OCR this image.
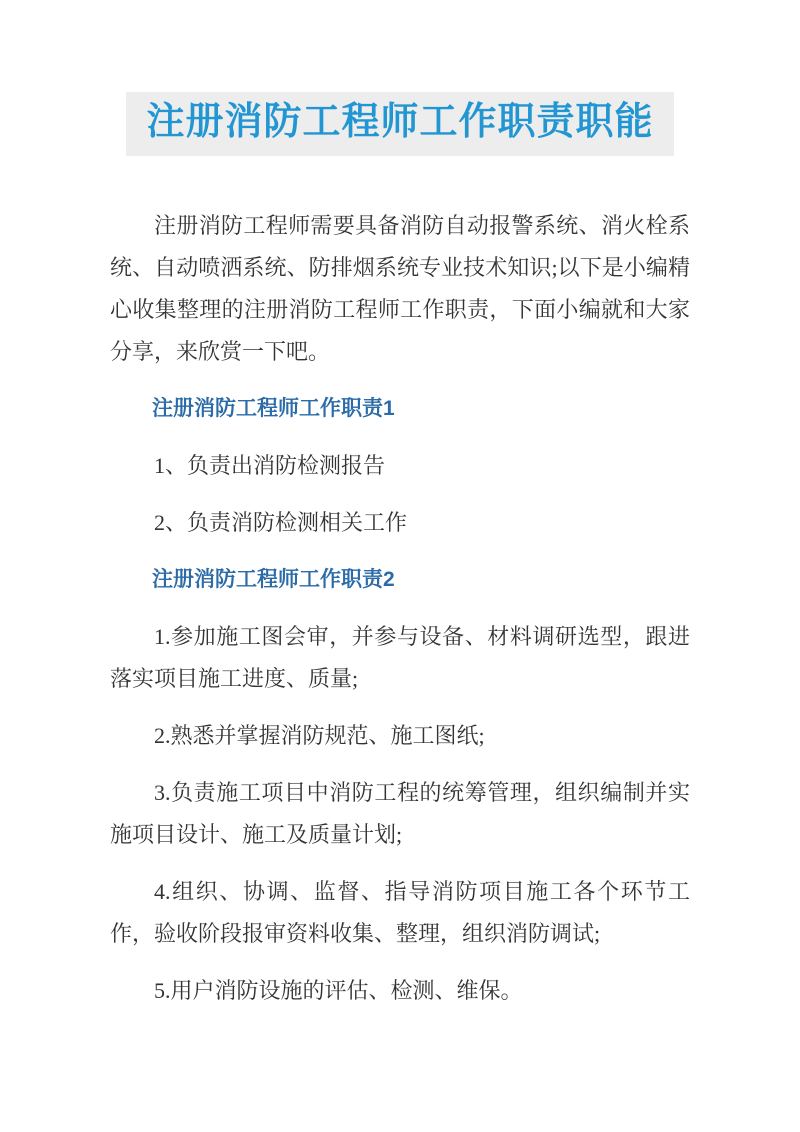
注册消防工程师工作职责职能

注册消防工程师需要具备消防自动报警系统、消火栓系统、自动喷洒系统、防排烟系统专业技术知识;以下是小编精心收集整理的注册消防工程师工作职责，下面小编就和大家分享，来欣赏一下吧。

注册消防工程师工作职责1

1、负责出消防检测报告

2、负责消防检测相关工作

注册消防工程师工作职责2

1.参加施工图会审，并参与设备、材料调研选型，跟进落实项目施工进度、质量;

2.熟悉并掌握消防规范、施工图纸;

3.负责施工项目中消防工程的统筹管理，组织编制并实施项目设计、施工及质量计划;

4.组织、协调、监督、指导消防项目施工各个环节工作，验收阶段报审资料收集、整理，组织消防调试;

5.用户消防设施的评估、检测、维保。
